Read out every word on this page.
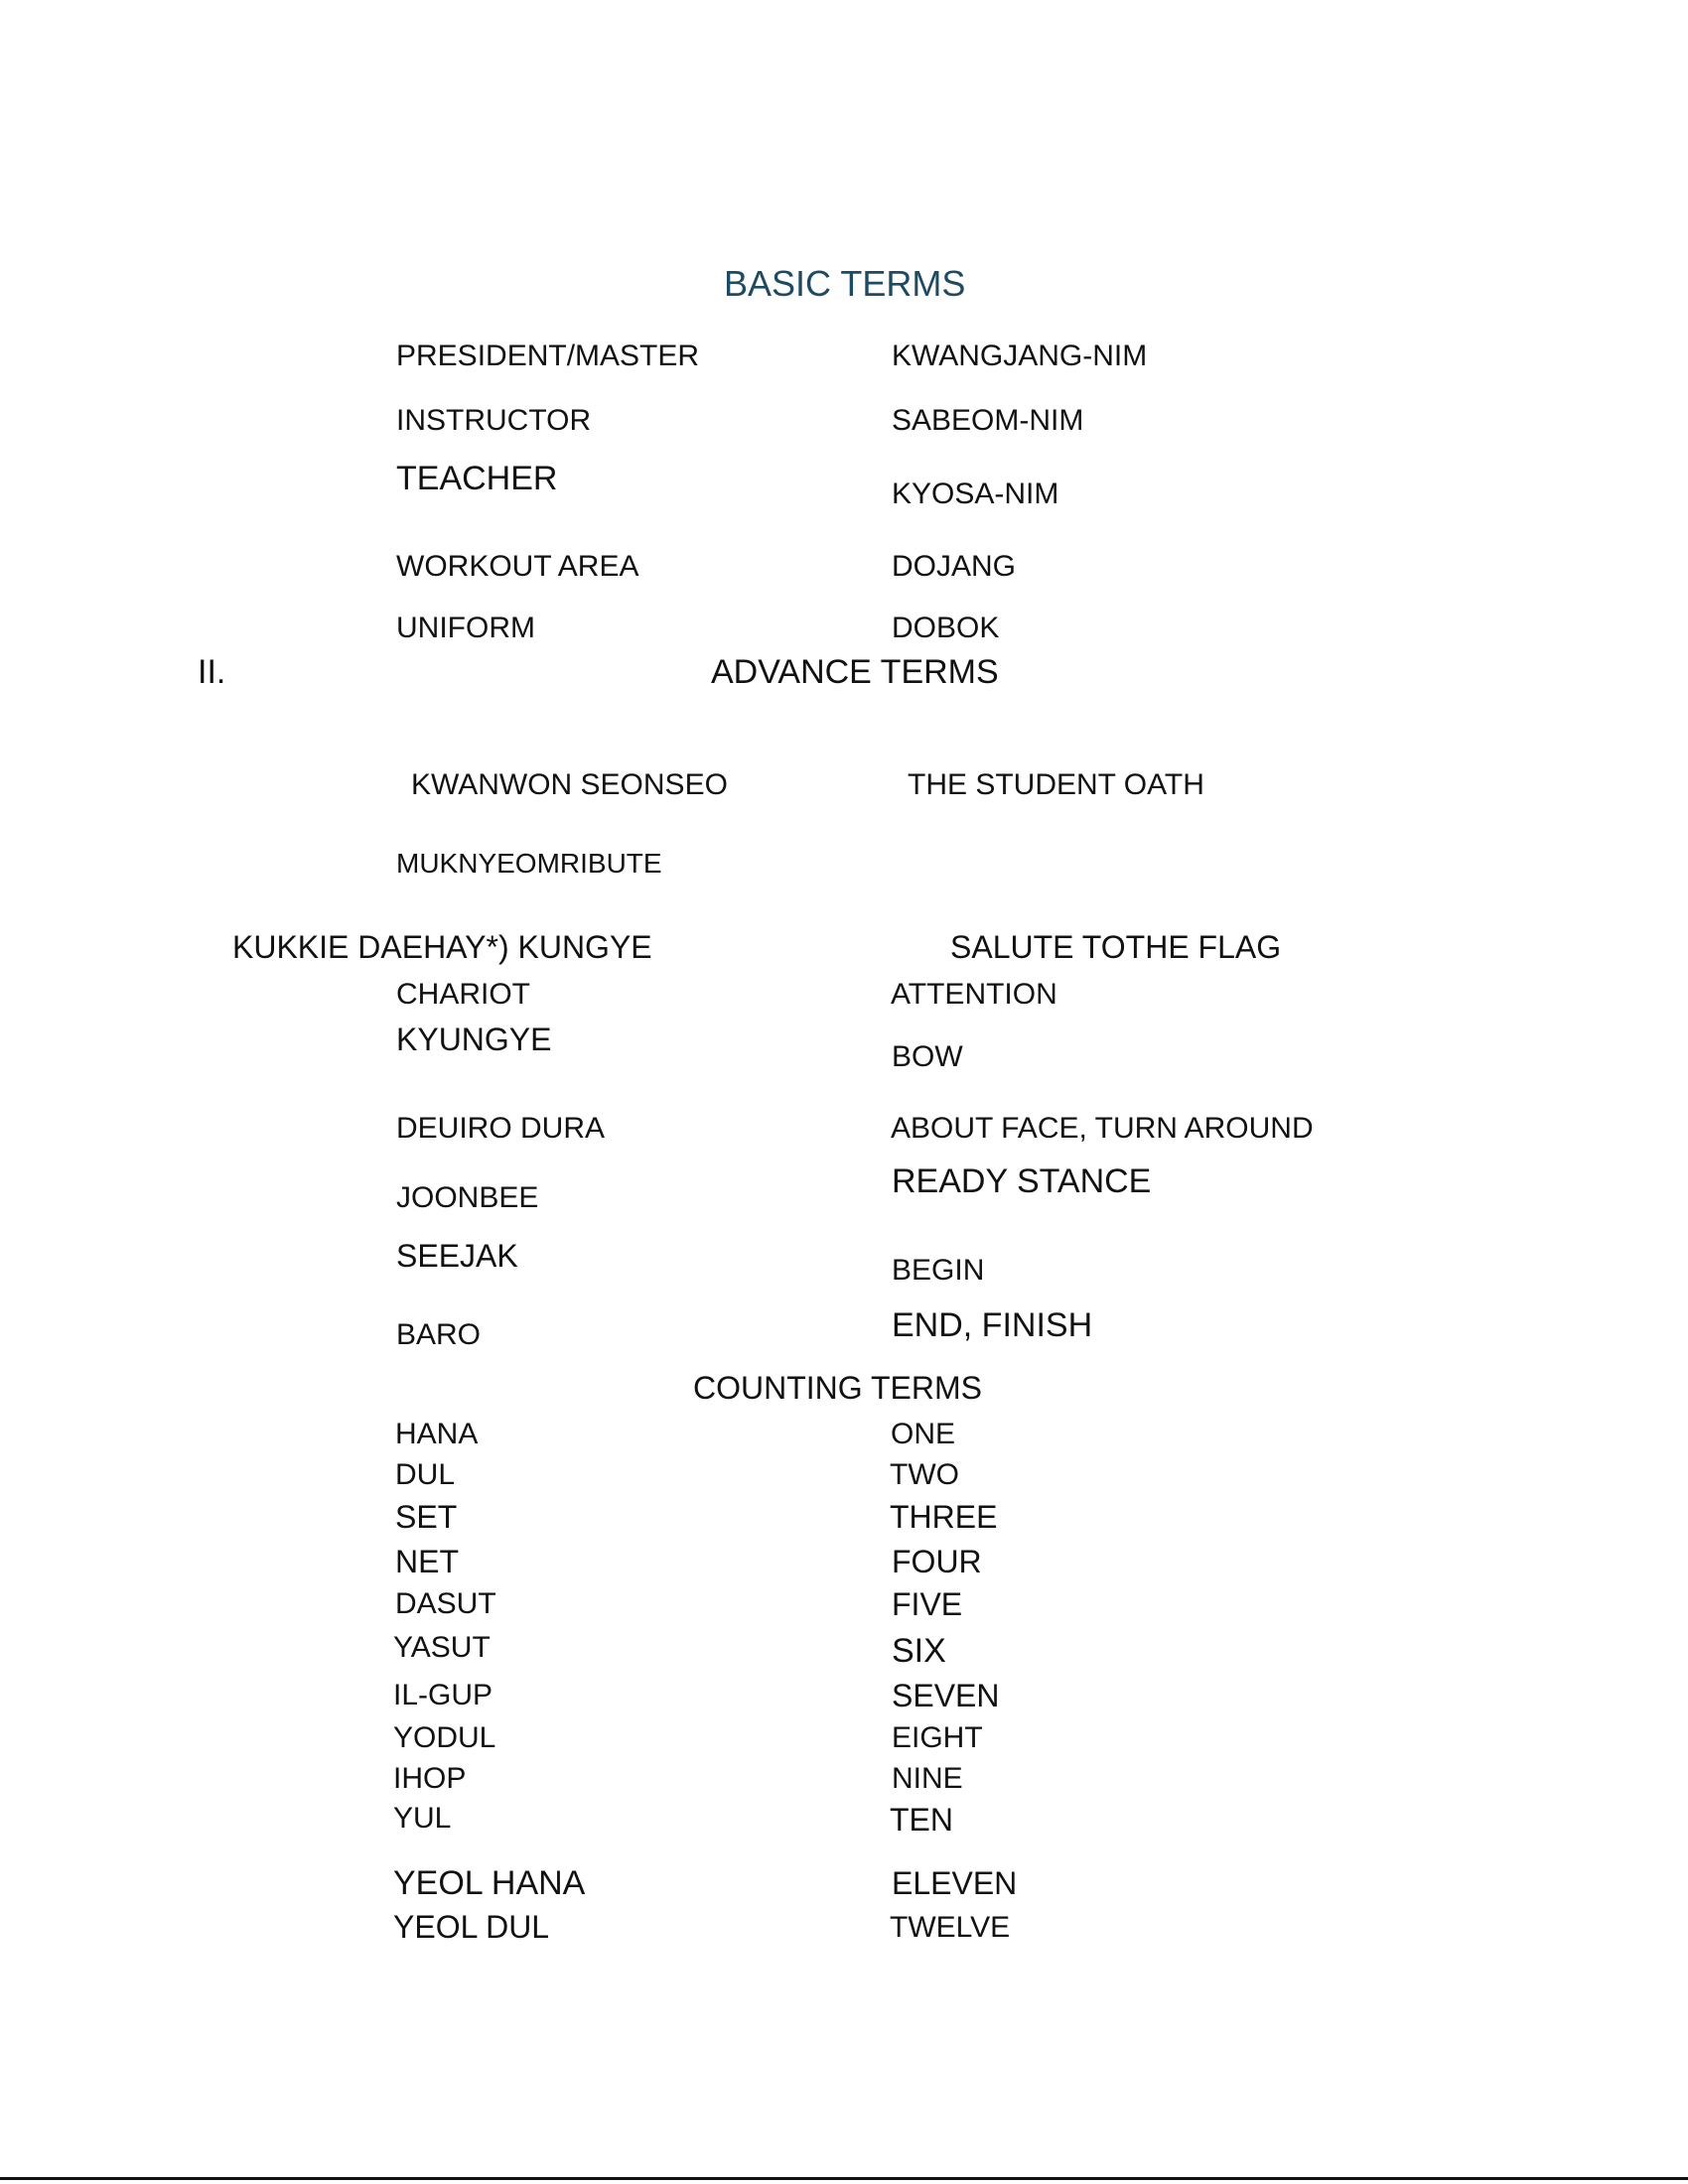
BASIC TERMS
PRESIDENT/MASTER	KWANGJANG-NIM
INSTRUCTOR	SABEOM-NIM
TEACHER	KYOSA-NIM
WORKOUT AREA	DOJANG
UNIFORM	DOBOK
II.	ADVANCE TERMS
KWANWON SEONSEO	THE STUDENT OATH
MUKNYEOMRIBUTE
KUKKIE DAEHAY*) KUNGYE	SALUTE TOTHE FLAG
CHARIOT	ATTENTION
KYUNGYE	BOW
DEUIRO DURA	ABOUT FACE, TURN AROUND
JOONBEE	READY STANCE
SEEJAK	BEGIN
BARO	END, FINISH
COUNTING TERMS
HANA	ONE
DUL	TWO
SET	THREE
NET	FOUR
DASUT	FIVE
YASUT	SIX
IL-GUP	SEVEN
YODUL	EIGHT
IHOP	NINE
YUL	TEN
YEOL HANA	ELEVEN
YEOL DUL	TWELVE
